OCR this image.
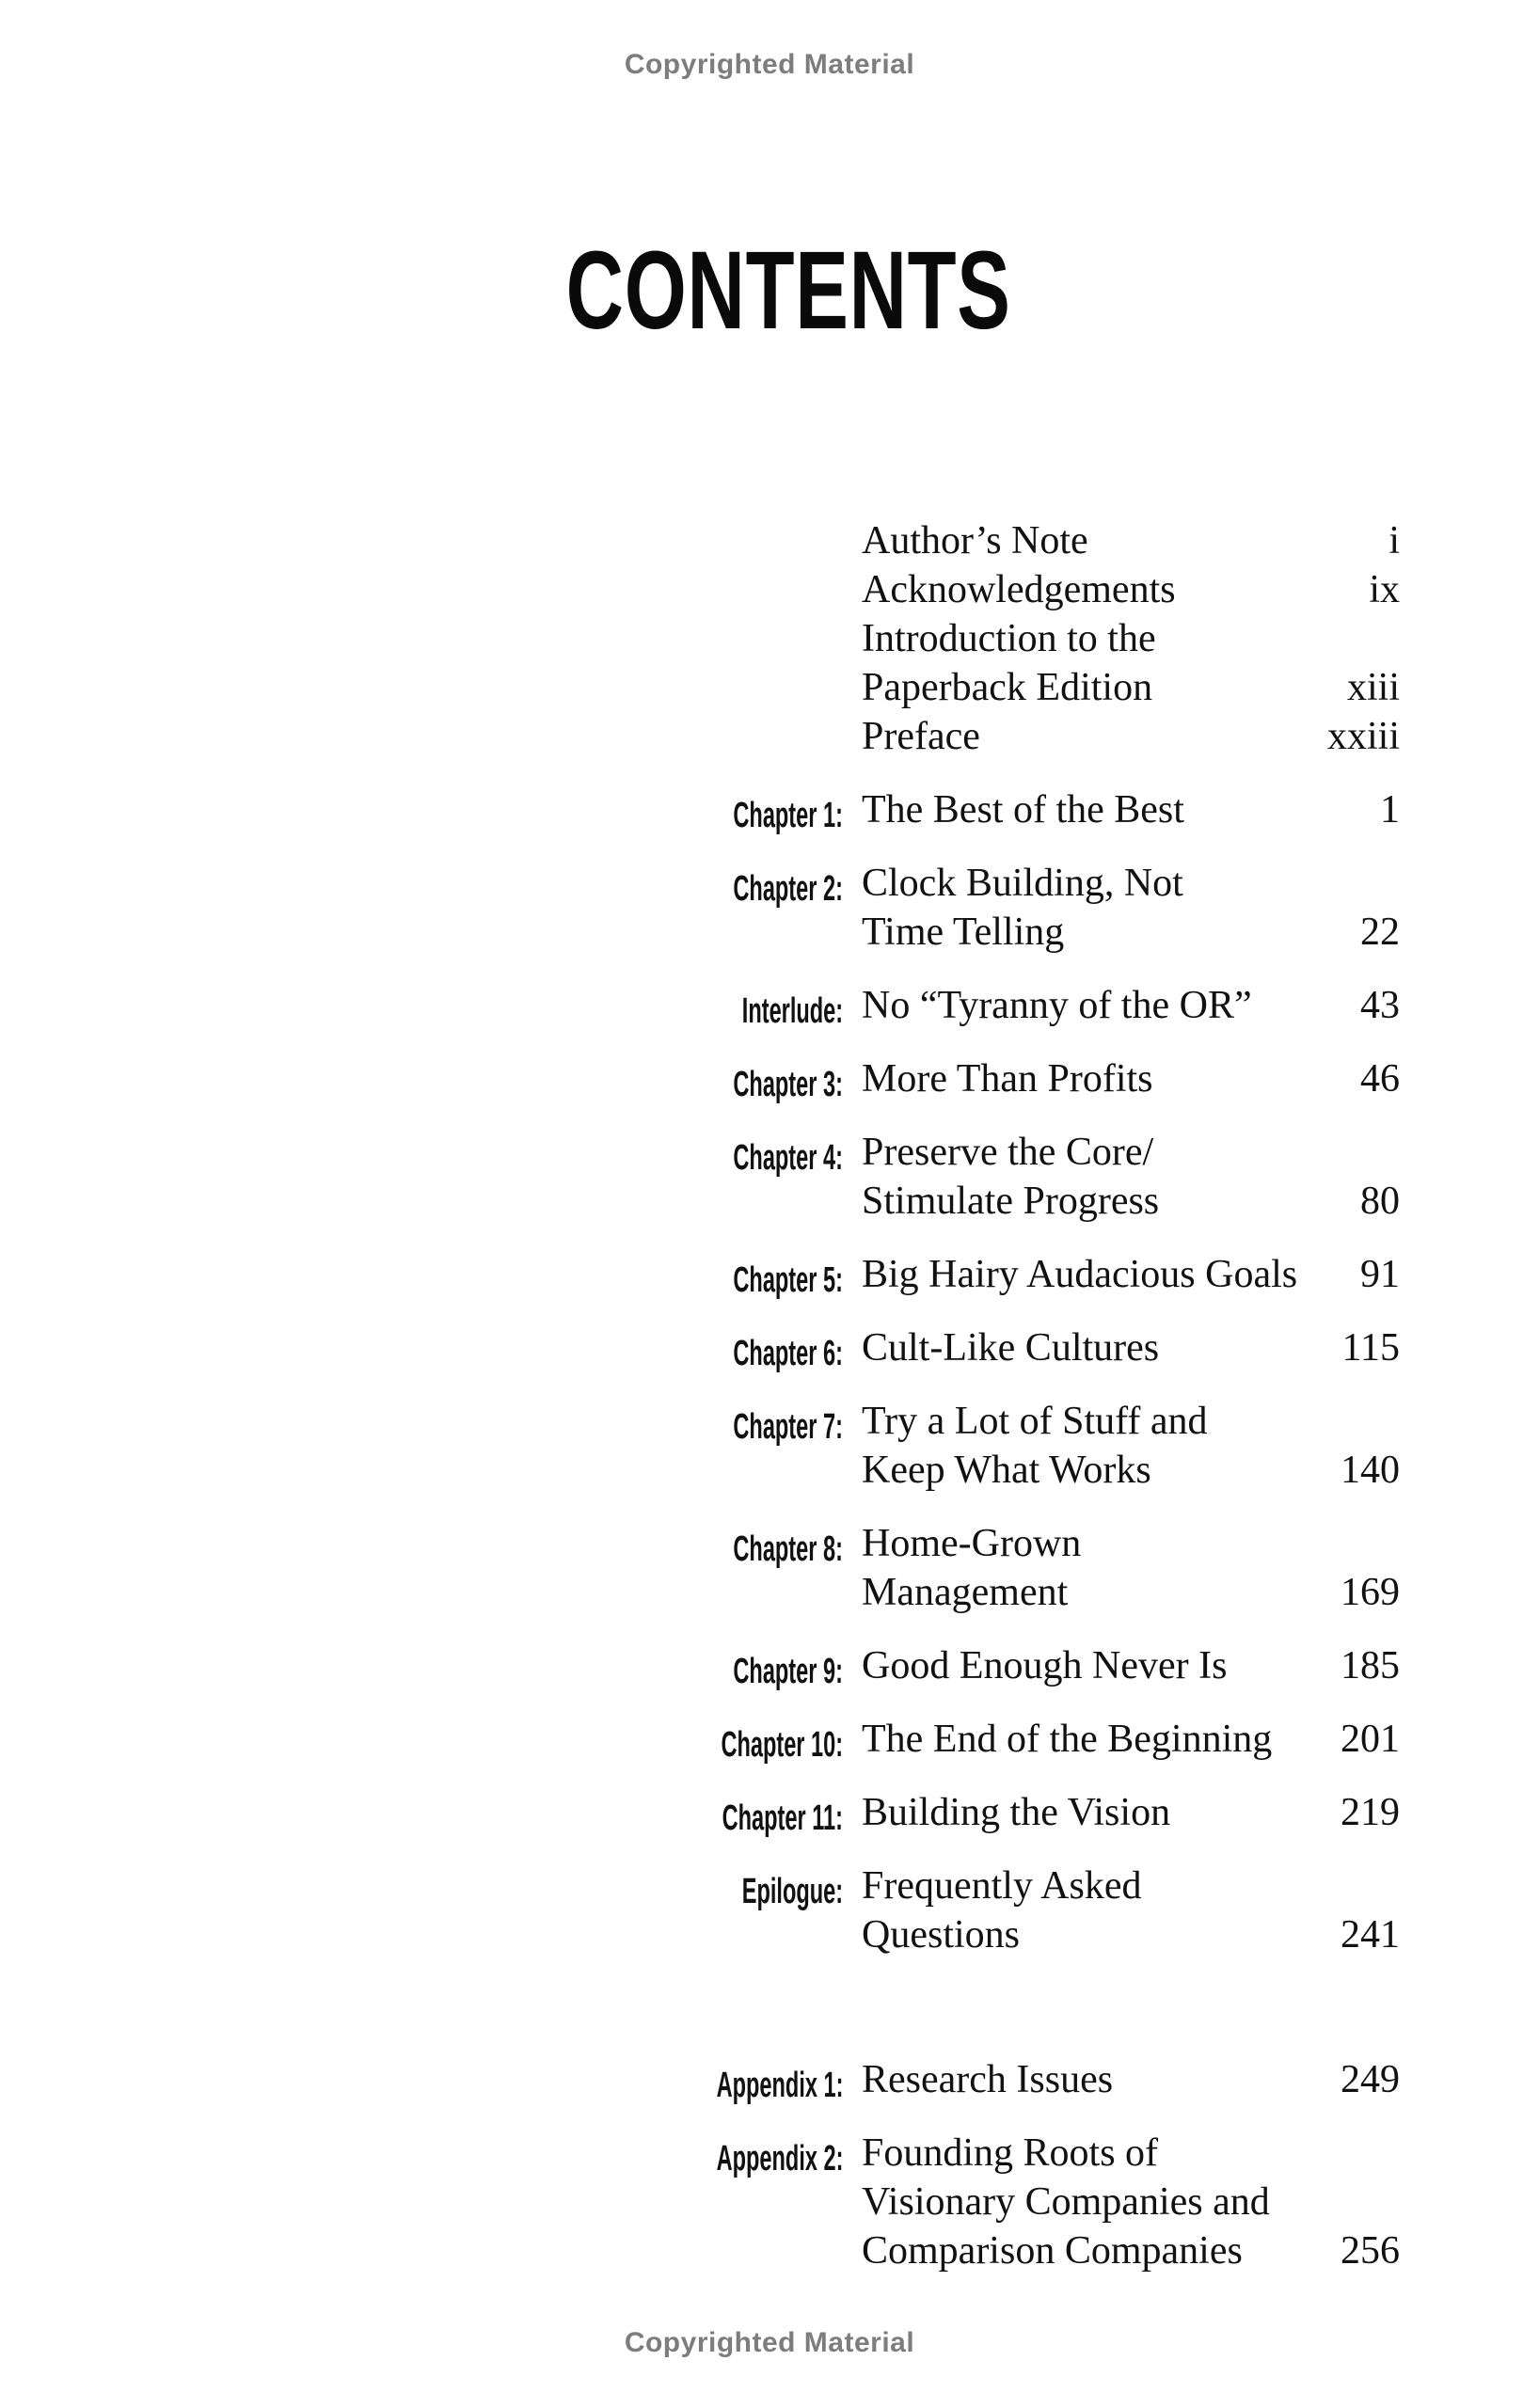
Copyrighted Material
CONTENTS
Author’s Note	i
Acknowledgements	ix
Introduction to the
Paperback Edition	xiii
Preface	xxiii
Chapter 1: The Best of the Best	1
Chapter 2: Clock Building, Not
Time Telling	22
Interlude: No “Tyranny of the OR”	43
Chapter 3: More Than Profits	46
Chapter 4: Preserve the Core/
Stimulate Progress	80
Chapter 5: Big Hairy Audacious Goals	91
Chapter 6: Cult-Like Cultures	115
Chapter 7: Try a Lot of Stuff and
Keep What Works	140
Chapter 8: Home-Grown
Management	169
Chapter 9: Good Enough Never Is	185
Chapter 10: The End of the Beginning	201
Chapter 11: Building the Vision	219
Epilogue: Frequently Asked
Questions	241
Appendix 1: Research Issues	249
Appendix 2: Founding Roots of
Visionary Companies and
Comparison Companies	256
Copyrighted Material
